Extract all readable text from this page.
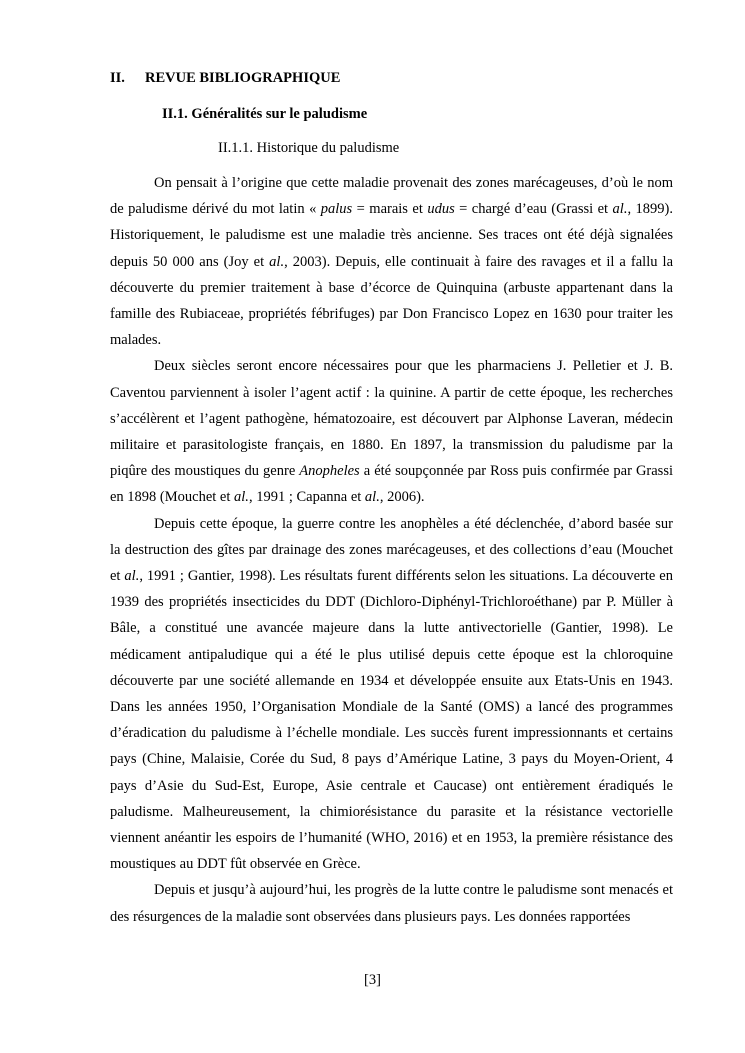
II. REVUE BIBLIOGRAPHIQUE
II.1. Généralités sur le paludisme
II.1.1. Historique du paludisme

On pensait à l’origine que cette maladie provenait des zones marécageuses, d’où le nom de paludisme dérivé du mot latin « palus = marais et udus = chargé d’eau (Grassi et al., 1899). Historiquement, le paludisme est une maladie très ancienne. Ses traces ont été déjà signalées depuis 50 000 ans (Joy et al., 2003). Depuis, elle continuait à faire des ravages et il a fallu la découverte du premier traitement à base d’écorce de Quinquina (arbuste appartenant dans la famille des Rubiaceae, propriétés fébrifuges) par Don Francisco Lopez en 1630 pour traiter les malades.

Deux siècles seront encore nécessaires pour que les pharmaciens J. Pelletier et J. B. Caventou parviennent à isoler l’agent actif : la quinine. A partir de cette époque, les recherches s’accélèrent et l’agent pathogène, hématozoaire, est découvert par Alphonse Laveran, médecin militaire et parasitologiste français, en 1880. En 1897, la transmission du paludisme par la piqûre des moustiques du genre Anopheles a été soupçonnée par Ross puis confirmée par Grassi en 1898 (Mouchet et al., 1991 ; Capanna et al., 2006).

Depuis cette époque, la guerre contre les anophèles a été déclenchée, d’abord basée sur la destruction des gîtes par drainage des zones marécageuses, et des collections d’eau (Mouchet et al., 1991 ; Gantier, 1998). Les résultats furent différents selon les situations. La découverte en 1939 des propriétés insecticides du DDT (Dichloro-Diphényl-Trichloroéthane) par P. Müller à Bâle, a constitué une avancée majeure dans la lutte antivectorielle (Gantier, 1998). Le médicament antipaludique qui a été le plus utilisé depuis cette époque est la chloroquine découverte par une société allemande en 1934 et développée ensuite aux Etats-Unis en 1943. Dans les années 1950, l’Organisation Mondiale de la Santé (OMS) a lancé des programmes d’éradication du paludisme à l’échelle mondiale. Les succès furent impressionnants et certains pays (Chine, Malaisie, Corée du Sud, 8 pays d’Amérique Latine, 3 pays du Moyen-Orient, 4 pays d’Asie du Sud-Est, Europe, Asie centrale et Caucase) ont entièrement éradiqués le paludisme. Malheureusement, la chimiorésistance du parasite et la résistance vectorielle viennent anéantir les espoirs de l’humanité (WHO, 2016) et en 1953, la première résistance des moustiques au DDT fût observée en Grèce.

Depuis et jusqu’à aujourd’hui, les progrès de la lutte contre le paludisme sont menacés et des résurgences de la maladie sont observées dans plusieurs pays. Les données rapportées

[3]
